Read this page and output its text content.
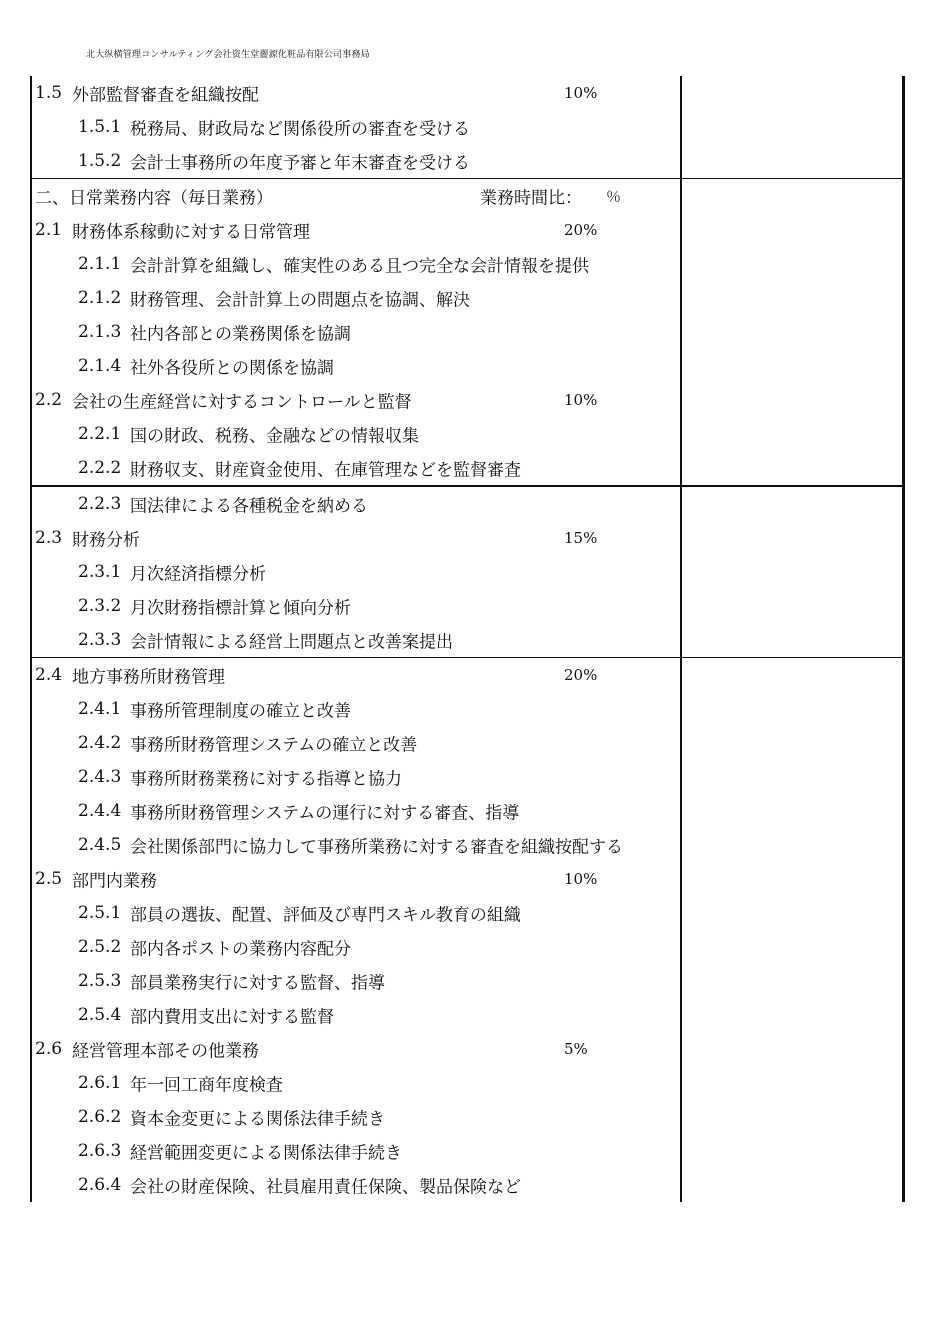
北大纵横管理コンサルティング会社资生堂麗源化粧品有限公司事務局
1.5 外部監督審査を組織按配	10%
1.5.1 税務局、財政局など関係役所の審査を受ける
1.5.2 会計士事務所の年度予審と年末審査を受ける
二、日常業務内容（毎日業務）	業務時間比： ％
2.1 財務体系稼動に対する日常管理	20%
2.1.1 会計計算を組織し、確実性のある且つ完全な会計情報を提供
2.1.2 財務管理、会計計算上の問題点を協調、解決
2.1.3 社内各部との業務関係を協調
2.1.4 社外各役所との関係を協調
2.2 会社の生産経営に対するコントロールと監督	10%
2.2.1 国の財政、税務、金融などの情報収集
2.2.2 財務収支、財産資金使用、在庫管理などを監督審査
2.2.3 国法律による各種税金を納める
2.3 財務分析	15%
2.3.1 月次経済指標分析
2.3.2 月次財務指標計算と傾向分析
2.3.3 会計情報による経営上問題点と改善案提出
2.4 地方事務所財務管理	20%
2.4.1 事務所管理制度の確立と改善
2.4.2 事務所財務管理システムの確立と改善
2.4.3 事務所財務業務に対する指導と協力
2.4.4 事務所財務管理システムの運行に対する審査、指導
2.4.5 会社関係部門に協力して事務所業務に対する審査を組織按配する
2.5 部門内業務	10%
2.5.1 部員の選抜、配置、評価及び専門スキル教育の組織
2.5.2 部内各ポストの業務内容配分
2.5.3 部員業務実行に対する監督、指導
2.5.4 部内費用支出に対する監督
2.6 経営管理本部その他業務	5%
2.6.1 年一回工商年度検査
2.6.2 資本金変更による関係法律手続き
2.6.3 経営範囲変更による関係法律手続き
2.6.4 会社の財産保険、社員雇用責任保険、製品保険など
